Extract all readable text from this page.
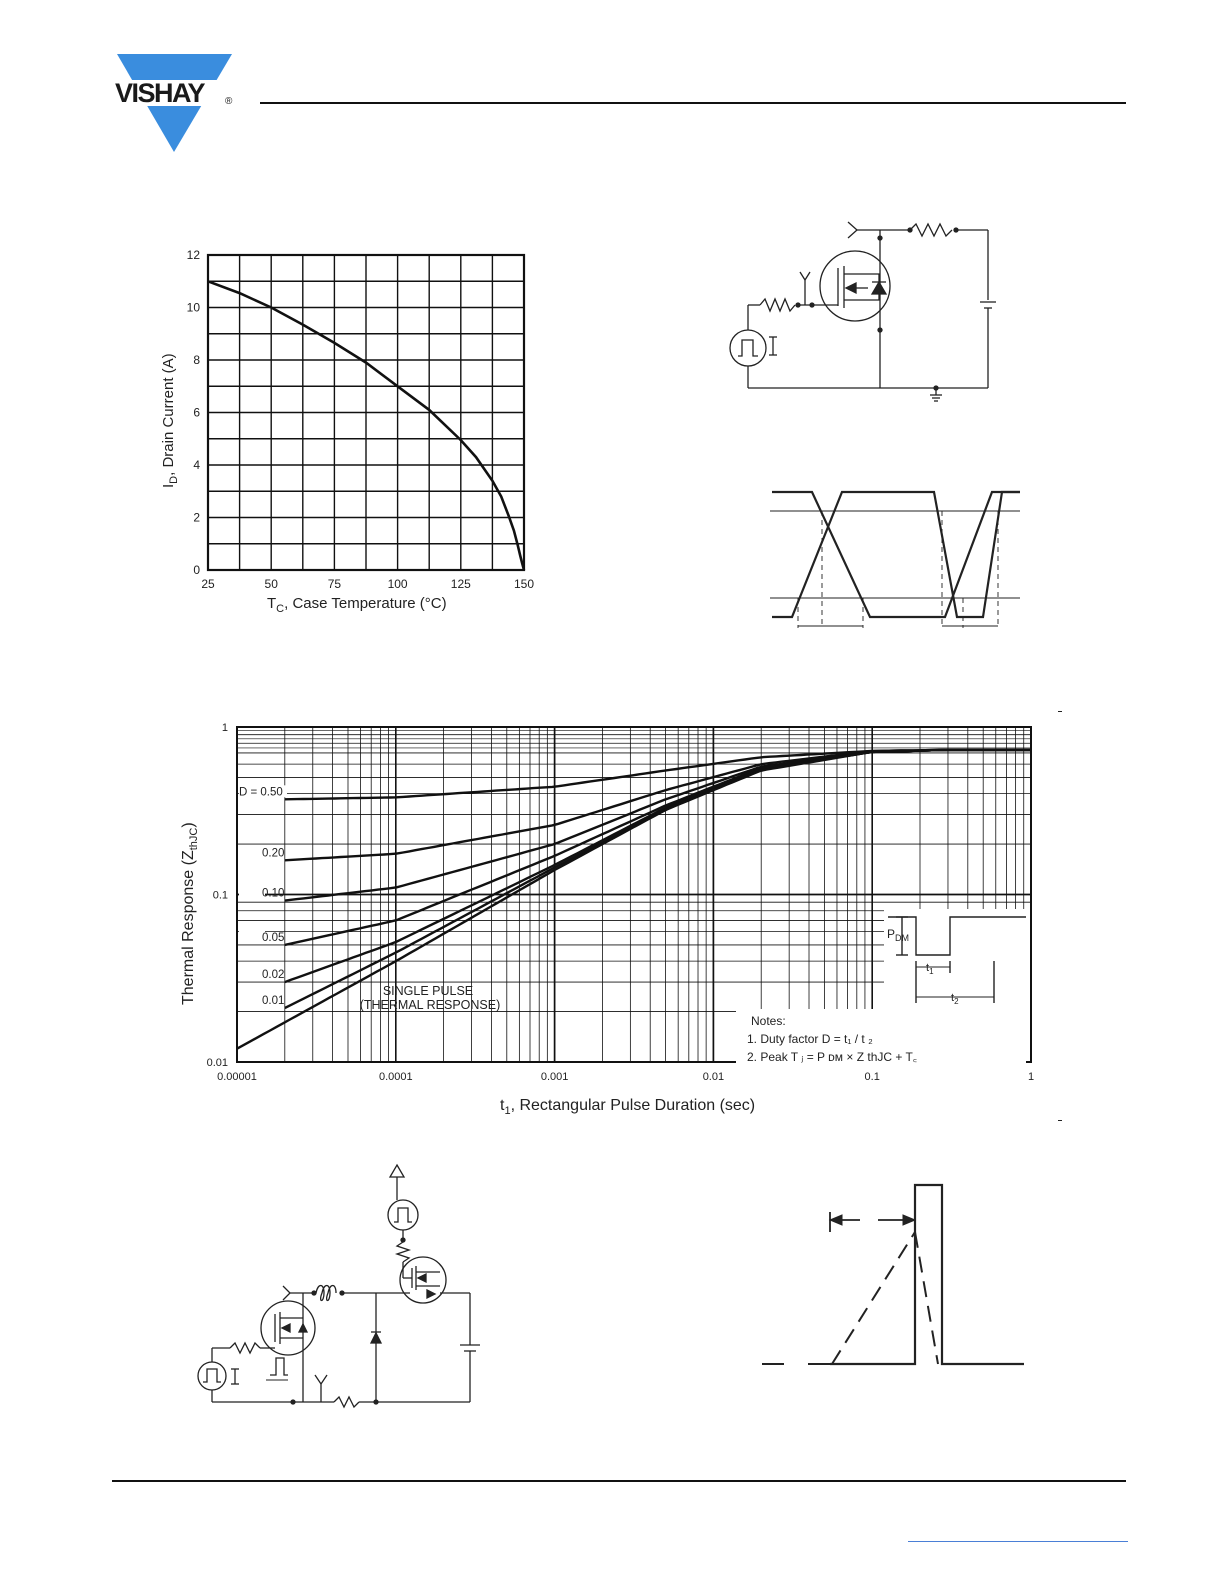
VISHAY ®
25	50	75	100	125	150
0
2
4
6
8
10
12
$T_C$, Case Temperature (°C)
$I_D$, Drain Current (A)
0.00001	0.0001	0.001	0.01	0.1	1
0.01
0.1
1
D = 0.50
0.20
0.10
0.05
0.02
0.01
SINGLE PULSE
(THERMAL RESPONSE)
$P_{DM}$
$t_1$
$t_2$
Notes:
1. Duty factor D = t₁ / t ₂
2. Peak T ⱼ = P ᴅᴍ × Z thJC + T꜀
$t_1$, Rectangular Pulse Duration (sec)
Thermal Response $(Z_{thJC})$
